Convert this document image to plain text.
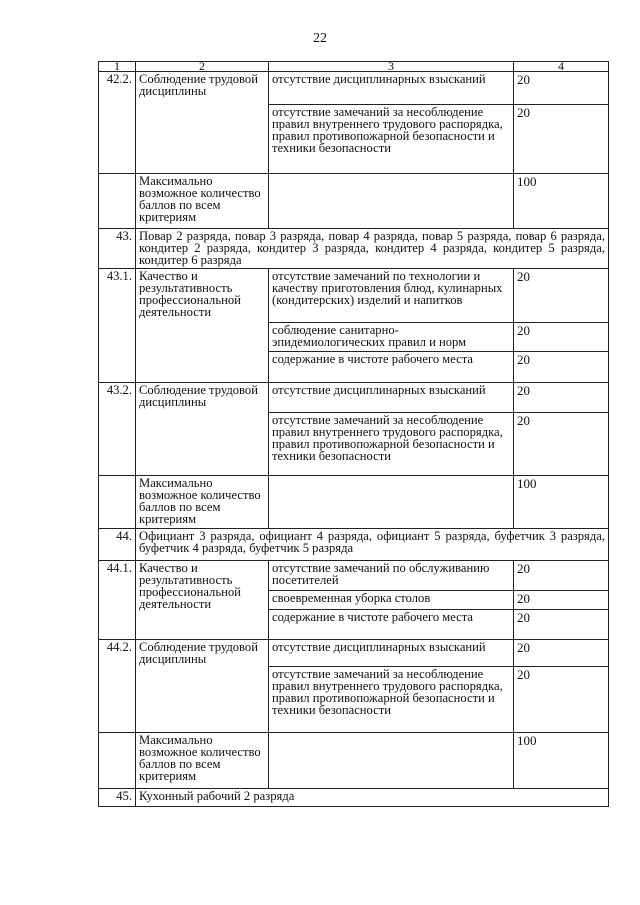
22
1	2	3	4
42.2.	Соблюдение трудовой дисциплины	отсутствие дисциплинарных взысканий	20
		отсутствие замечаний за несоблюдение правил внутреннего трудового распорядка, правил противопожарной безопасности и техники безопасности	20
	Максимально возможное количество баллов по всем критериям		100
43.	Повар 2 разряда, повар 3 разряда, повар 4 разряда, повар 5 разряда, повар 6 разряда, кондитер 2 разряда, кондитер 3 разряда, кондитер 4 разряда, кондитер 5 разряда, кондитер 6 разряда		
43.1.	Качество и результативность профессиональной деятельности	отсутствие замечаний по технологии и качеству приготовления блюд, кулинарных (кондитерских) изделий и напитков	20
		соблюдение санитарно-эпидемиологических правил и норм	20
		содержание в чистоте рабочего места	20
43.2.	Соблюдение трудовой дисциплины	отсутствие дисциплинарных взысканий	20
		отсутствие замечаний за несоблюдение правил внутреннего трудового распорядка, правил противопожарной безопасности и техники безопасности	20
	Максимально возможное количество баллов по всем критериям		100
44.	Официант 3 разряда, официант 4 разряда, официант 5 разряда, буфетчик 3 разряда, буфетчик 4 разряда, буфетчик 5 разряда		
44.1.	Качество и результативность профессиональной деятельности	отсутствие замечаний по обслуживанию посетителей	20
		своевременная уборка столов	20
		содержание в чистоте рабочего места	20
44.2.	Соблюдение трудовой дисциплины	отсутствие дисциплинарных взысканий	20
		отсутствие замечаний за несоблюдение правил внутреннего трудового распорядка, правил противопожарной безопасности и техники безопасности	20
	Максимально возможное количество баллов по всем критериям		100
45.	Кухонный рабочий 2 разряда		
